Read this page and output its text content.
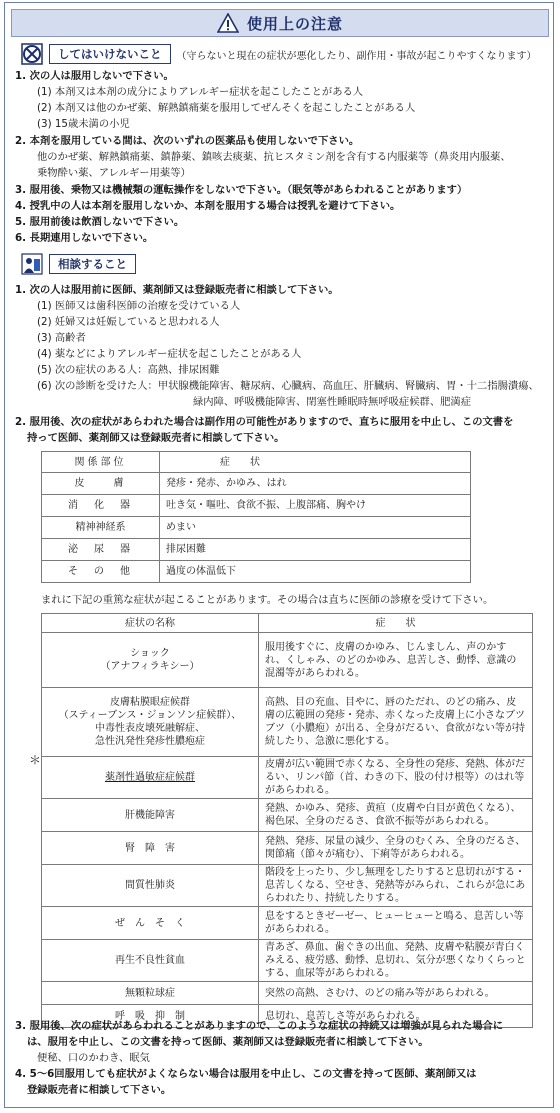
使用上の注意
してはいけないこと	（守らないと現在の症状が悪化したり、副作用・事故が起こりやすくなります）
1. 次の人は服用しないで下さい。
(1) 本剤又は本剤の成分によりアレルギー症状を起こしたことがある人
(2) 本剤又は他のかぜ薬、解熱鎮痛薬を服用してぜんそくを起こしたことがある人
(3) 15歳未満の小児
2. 本剤を服用している間は、次のいずれの医薬品も使用しないで下さい。
他のかぜ薬、解熱鎮痛薬、鎮静薬、鎮咳去痰薬、抗ヒスタミン剤を含有する内服薬等（鼻炎用内服薬、
乗物酔い薬、アレルギー用薬等）
3. 服用後、乗物又は機械類の運転操作をしないで下さい。（眠気等があらわれることがあります）
4. 授乳中の人は本剤を服用しないか、本剤を服用する場合は授乳を避けて下さい。
5. 服用前後は飲酒しないで下さい。
6. 長期連用しないで下さい。
相談すること
1. 次の人は服用前に医師、薬剤師又は登録販売者に相談して下さい。
(1) 医師又は歯科医師の治療を受けている人
(2) 妊婦又は妊娠していると思われる人
(3) 高齢者
(4) 薬などによりアレルギー症状を起こしたことがある人
(5) 次の症状のある人：高熱、排尿困難
(6) 次の診断を受けた人：甲状腺機能障害、糖尿病、心臓病、高血圧、肝臓病、腎臓病、胃・十二指腸潰瘍、
緑内障、呼吸機能障害、閉塞性睡眠時無呼吸症候群、肥満症
2. 服用後、次の症状があらわれた場合は副作用の可能性がありますので、直ちに服用を中止し、この文書を
持って医師、薬剤師又は登録販売者に相談して下さい。
関係部位	症　　状
皮　　膚	発疹・発赤、かゆみ、はれ
消　化　器	吐き気・嘔吐、食欲不振、上腹部痛、胸やけ
精神神経系	めまい
泌　尿　器	排尿困難
そ　の　他	過度の体温低下
まれに下記の重篤な症状が起こることがあります。その場合は直ちに医師の診療を受けて下さい。
＊
症状の名称	症　　状
ショック
（アナフィラキシー）	服用後すぐに、皮膚のかゆみ、じんましん、声のかすれ、くしゃみ、のどのかゆみ、息苦しさ、動悸、意識の混濁等があらわれる。
皮膚粘膜眼症候群
（スティーブンス・ジョンソン症候群）、
中毒性表皮壊死融解症、
急性汎発性発疹性膿疱症	高熱、目の充血、目やに、唇のただれ、のどの痛み、皮膚の広範囲の発疹・発赤、赤くなった皮膚上に小さなブツブツ（小膿疱）が出る、全身がだるい、食欲がない等が持続したり、急激に悪化する。
薬剤性過敏症症候群	皮膚が広い範囲で赤くなる、全身性の発疹、発熱、体がだるい、リンパ節（首、わきの下、股の付け根等）のはれ等があらわれる。
肝機能障害	発熱、かゆみ、発疹、黄疸（皮膚や白目が黄色くなる）、褐色尿、全身のだるさ、食欲不振等があらわれる。
腎　障　害	発熱、発疹、尿量の減少、全身のむくみ、全身のだるさ、関節痛（節々が痛む）、下痢等があらわれる。
間質性肺炎	階段を上ったり、少し無理をしたりすると息切れがする・息苦しくなる、空せき、発熱等がみられ、これらが急にあらわれたり、持続したりする。
ぜ　ん　そ　く	息をするときゼーゼー、ヒューヒューと鳴る、息苦しい等があらわれる。
再生不良性貧血	青あざ、鼻血、歯ぐきの出血、発熱、皮膚や粘膜が青白くみえる、疲労感、動悸、息切れ、気分が悪くなりくらっとする、血尿等があらわれる。
無顆粒球症	突然の高熱、さむけ、のどの痛み等があらわれる。
呼　吸　抑　制	息切れ、息苦しさ等があらわれる。
3. 服用後、次の症状があらわれることがありますので、このような症状の持続又は増強が見られた場合に
は、服用を中止し、この文書を持って医師、薬剤師又は登録販売者に相談して下さい。
便秘、口のかわき、眠気
4. 5～6回服用しても症状がよくならない場合は服用を中止し、この文書を持って医師、薬剤師又は
登録販売者に相談して下さい。
